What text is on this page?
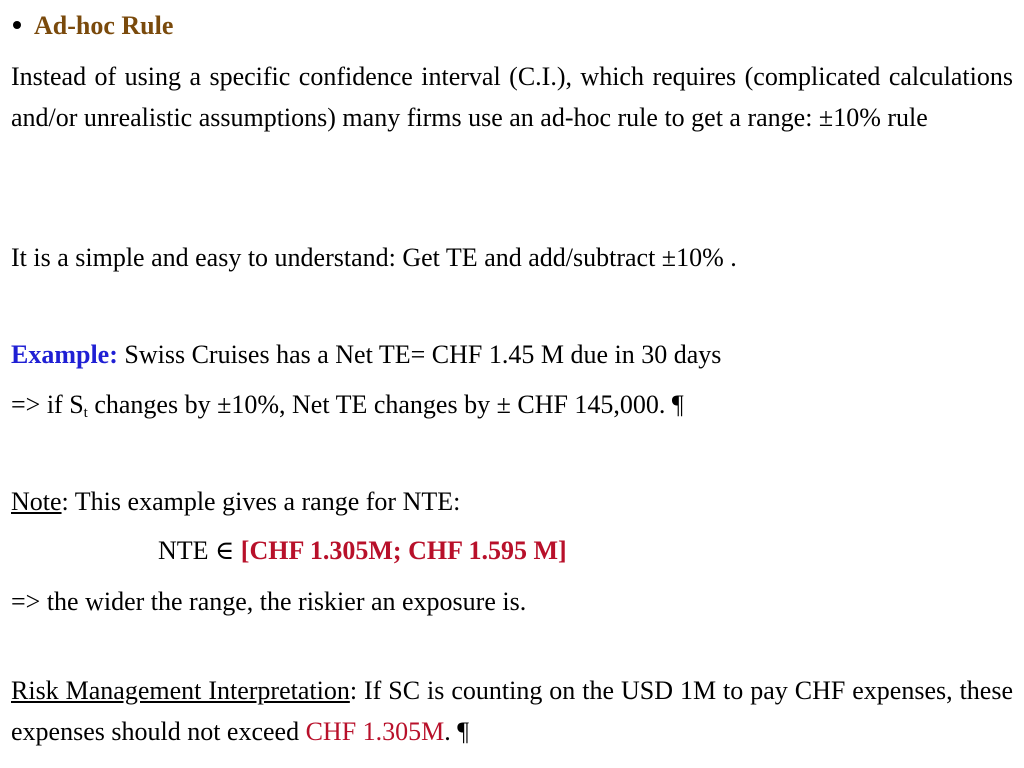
Ad-hoc Rule
Instead of using a specific confidence interval (C.I.), which requires (complicated calculations and/or unrealistic assumptions) many firms use an ad-hoc rule to get a range: ±10% rule
It is a simple and easy to understand: Get TE and add/subtract ±10% .
Example: Swiss Cruises has a Net TE= CHF 1.45 M due in 30 days
=> if $S_t$ changes by ±10%, Net TE changes by ± CHF 145,000. ¶
Note: This example gives a range for NTE:
NTE ∈ [CHF 1.305M; CHF 1.595 M]
=> the wider the range, the riskier an exposure is.
Risk Management Interpretation: If SC is counting on the USD 1M to pay CHF expenses, these expenses should not exceed CHF 1.305M. ¶
